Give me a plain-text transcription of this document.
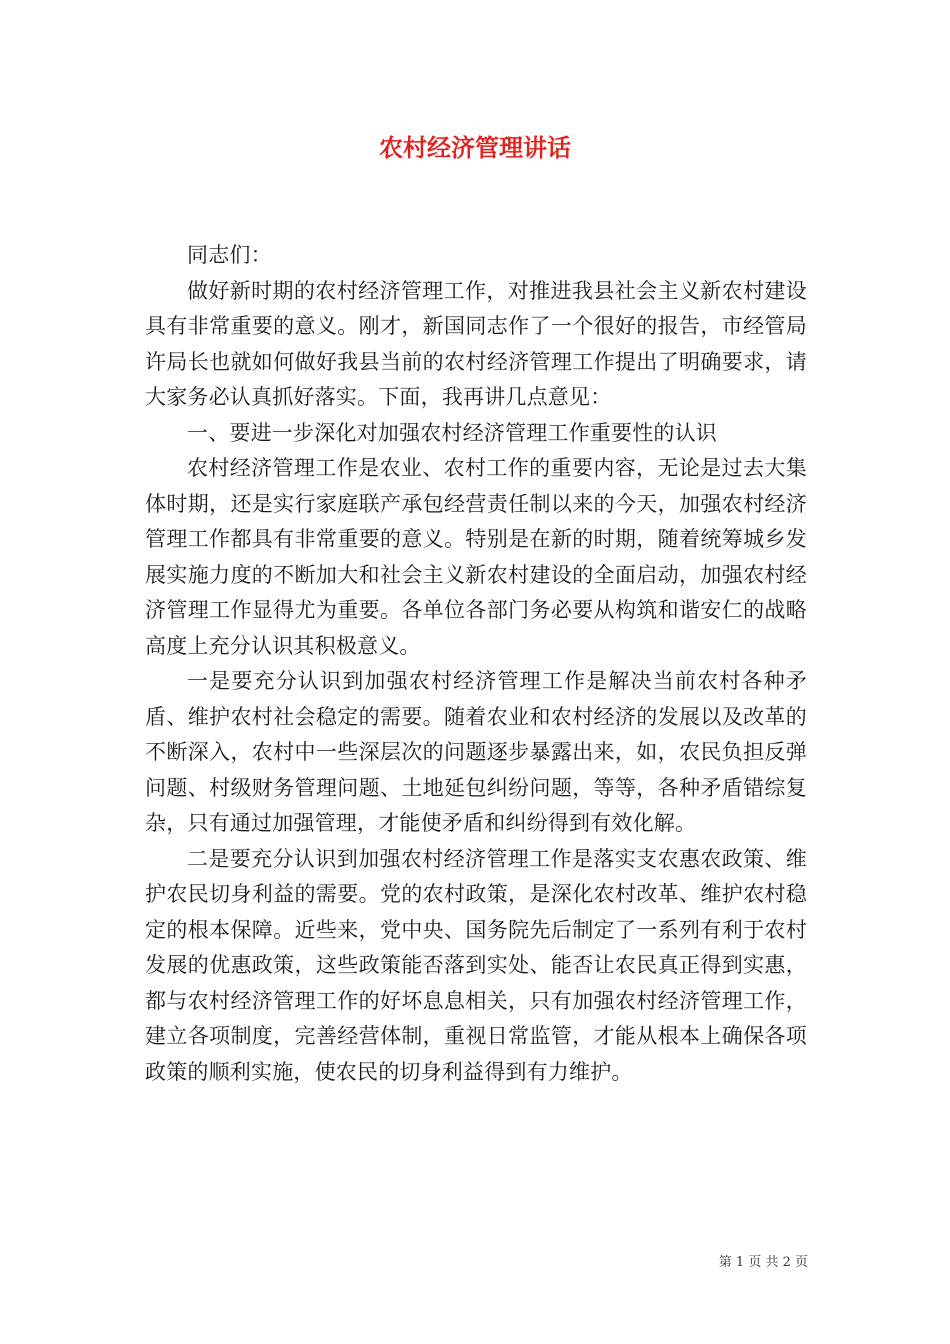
农村经济管理讲话

同志们：

做好新时期的农村经济管理工作，对推进我县社会主义新农村建设具有非常重要的意义。刚才，新国同志作了一个很好的报告，市经管局许局长也就如何做好我县当前的农村经济管理工作提出了明确要求，请大家务必认真抓好落实。下面，我再讲几点意见：

一、要进一步深化对加强农村经济管理工作重要性的认识

农村经济管理工作是农业、农村工作的重要内容，无论是过去大集体时期，还是实行家庭联产承包经营责任制以来的今天，加强农村经济管理工作都具有非常重要的意义。特别是在新的时期，随着统筹城乡发展实施力度的不断加大和社会主义新农村建设的全面启动，加强农村经济管理工作显得尤为重要。各单位各部门务必要从构筑和谐安仁的战略高度上充分认识其积极意义。

一是要充分认识到加强农村经济管理工作是解决当前农村各种矛盾、维护农村社会稳定的需要。随着农业和农村经济的发展以及改革的不断深入，农村中一些深层次的问题逐步暴露出来，如，农民负担反弹问题、村级财务管理问题、土地延包纠纷问题，等等，各种矛盾错综复杂，只有通过加强管理，才能使矛盾和纠纷得到有效化解。

二是要充分认识到加强农村经济管理工作是落实支农惠农政策、维护农民切身利益的需要。党的农村政策，是深化农村改革、维护农村稳定的根本保障。近些来，党中央、国务院先后制定了一系列有利于农村发展的优惠政策，这些政策能否落到实处、能否让农民真正得到实惠，都与农村经济管理工作的好坏息息相关，只有加强农村经济管理工作，建立各项制度，完善经营体制，重视日常监管，才能从根本上确保各项政策的顺利实施，使农民的切身利益得到有力维护。

第 1 页 共 2 页
